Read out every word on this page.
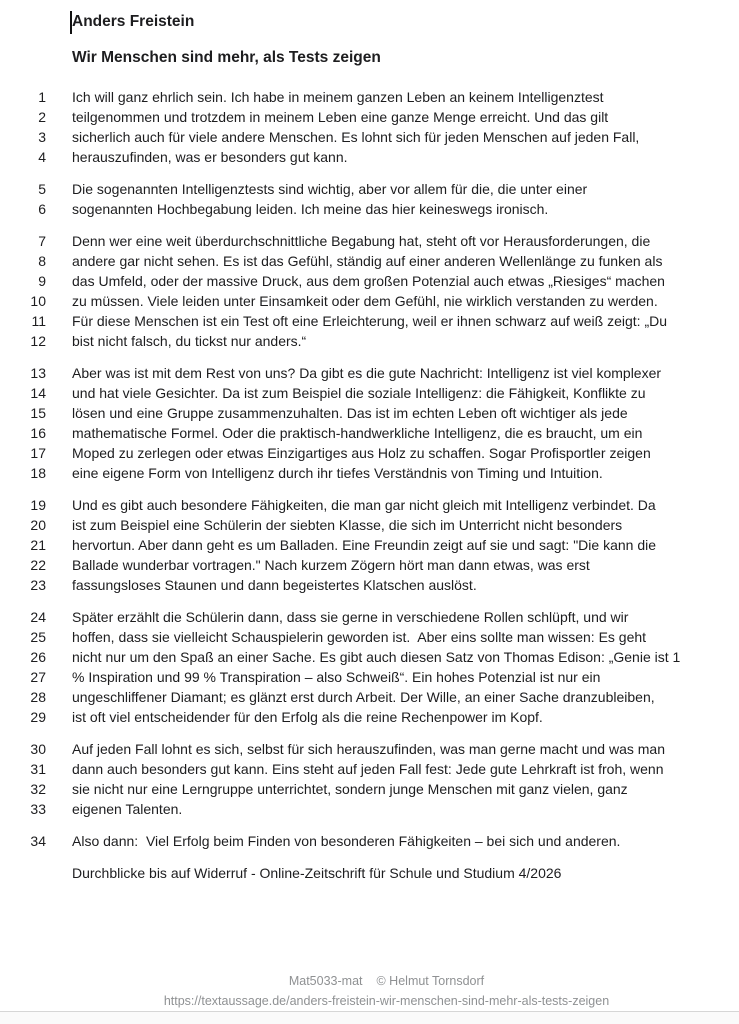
Anders Freistein
Wir Menschen sind mehr, als Tests zeigen
1 Ich will ganz ehrlich sein. Ich habe in meinem ganzen Leben an keinem Intelligenztest
2 teilgenommen und trotzdem in meinem Leben eine ganze Menge erreicht. Und das gilt
3 sicherlich auch für viele andere Menschen. Es lohnt sich für jeden Menschen auf jeden Fall,
4 herauszufinden, was er besonders gut kann.
5 Die sogenannten Intelligenztests sind wichtig, aber vor allem für die, die unter einer
6 sogenannten Hochbegabung leiden. Ich meine das hier keineswegs ironisch.
7 Denn wer eine weit überdurchschnittliche Begabung hat, steht oft vor Herausforderungen, die
8 andere gar nicht sehen. Es ist das Gefühl, ständig auf einer anderen Wellenlänge zu funken als
9 das Umfeld, oder der massive Druck, aus dem großen Potenzial auch etwas „Riesiges“ machen
10 zu müssen. Viele leiden unter Einsamkeit oder dem Gefühl, nie wirklich verstanden zu werden.
11 Für diese Menschen ist ein Test oft eine Erleichterung, weil er ihnen schwarz auf weiß zeigt: „Du
12 bist nicht falsch, du tickst nur anders.“
13 Aber was ist mit dem Rest von uns? Da gibt es die gute Nachricht: Intelligenz ist viel komplexer
14 und hat viele Gesichter. Da ist zum Beispiel die soziale Intelligenz: die Fähigkeit, Konflikte zu
15 lösen und eine Gruppe zusammenzuhalten. Das ist im echten Leben oft wichtiger als jede
16 mathematische Formel. Oder die praktisch-handwerkliche Intelligenz, die es braucht, um ein
17 Moped zu zerlegen oder etwas Einzigartiges aus Holz zu schaffen. Sogar Profisportler zeigen
18 eine eigene Form von Intelligenz durch ihr tiefes Verständnis von Timing und Intuition.
19 Und es gibt auch besondere Fähigkeiten, die man gar nicht gleich mit Intelligenz verbindet. Da
20 ist zum Beispiel eine Schülerin der siebten Klasse, die sich im Unterricht nicht besonders
21 hervortun. Aber dann geht es um Balladen. Eine Freundin zeigt auf sie und sagt: "Die kann die
22 Ballade wunderbar vortragen." Nach kurzem Zögern hört man dann etwas, was erst
23 fassungsloses Staunen und dann begeistertes Klatschen auslöst.
24 Später erzählt die Schülerin dann, dass sie gerne in verschiedene Rollen schlüpft, und wir
25 hoffen, dass sie vielleicht Schauspielerin geworden ist.  Aber eins sollte man wissen: Es geht
26 nicht nur um den Spaß an einer Sache. Es gibt auch diesen Satz von Thomas Edison: „Genie ist 1
27 % Inspiration und 99 % Transpiration – also Schweiß“. Ein hohes Potenzial ist nur ein
28 ungeschliffener Diamant; es glänzt erst durch Arbeit. Der Wille, an einer Sache dranzubleiben,
29 ist oft viel entscheidender für den Erfolg als die reine Rechenpower im Kopf.
30 Auf jeden Fall lohnt es sich, selbst für sich herauszufinden, was man gerne macht und was man
31 dann auch besonders gut kann. Eins steht auf jeden Fall fest: Jede gute Lehrkraft ist froh, wenn
32 sie nicht nur eine Lerngruppe unterrichtet, sondern junge Menschen mit ganz vielen, ganz
33 eigenen Talenten.
34 Also dann:  Viel Erfolg beim Finden von besonderen Fähigkeiten – bei sich und anderen.
Durchblicke bis auf Widerruf - Online-Zeitschrift für Schule und Studium 4/2026
Mat5033-mat © Helmut Tornsdorf
https://textaussage.de/anders-freistein-wir-menschen-sind-mehr-als-tests-zeigen
